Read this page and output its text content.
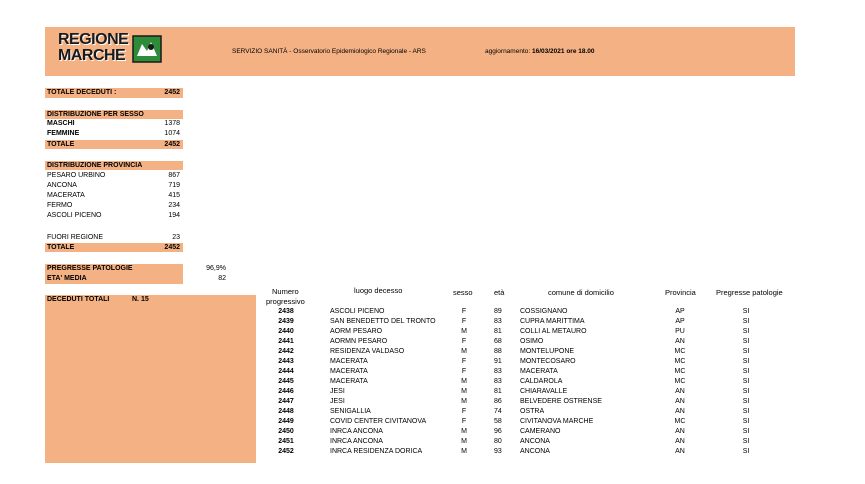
REGIONE
MARCHE	SERVIZIO SANITÀ - Osservatorio Epidemiologico Regionale - ARS	aggiornamento: 16/03/2021 ore 18.00
TOTALE DECEDUTI :	2452
DISTRIBUZIONE PER SESSO
MASCHI	1378
FEMMINE	1074
TOTALE	2452
DISTRIBUZIONE PROVINCIA
PESARO URBINO	867
ANCONA	719
MACERATA	415
FERMO	234
ASCOLI PICENO	194
FUORI REGIONE	23
TOTALE	2452
PREGRESSE PATOLOGIE	96,9%
ETA' MEDIA	82
DECEDUTI TOTALI	N. 15
Numero
progressivo
luogo decesso	sesso	età	comune di domicilio	Provincia	Pregresse patologie
2438	ASCOLI PICENO	F	89	COSSIGNANO	AP	SI
2439	SAN BENEDETTO DEL TRONTO	F	83	CUPRA MARITTIMA	AP	SI
2440	AORM PESARO	M	81	COLLI AL METAURO	PU	SI
2441	AORMN PESARO	F	68	OSIMO	AN	SI
2442	RESIDENZA VALDASO	M	88	MONTELUPONE	MC	SI
2443	MACERATA	F	91	MONTECOSARO	MC	SI
2444	MACERATA	F	83	MACERATA	MC	SI
2445	MACERATA	M	83	CALDAROLA	MC	SI
2446	JESI	M	81	CHIARAVALLE	AN	SI
2447	JESI	M	86	BELVEDERE OSTRENSE	AN	SI
2448	SENIGALLIA	F	74	OSTRA	AN	SI
2449	COVID CENTER CIVITANOVA	F	58	CIVITANOVA MARCHE	MC	SI
2450	INRCA ANCONA	M	96	CAMERANO	AN	SI
2451	INRCA ANCONA	M	80	ANCONA	AN	SI
2452	INRCA RESIDENZA DORICA	M	93	ANCONA	AN	SI
